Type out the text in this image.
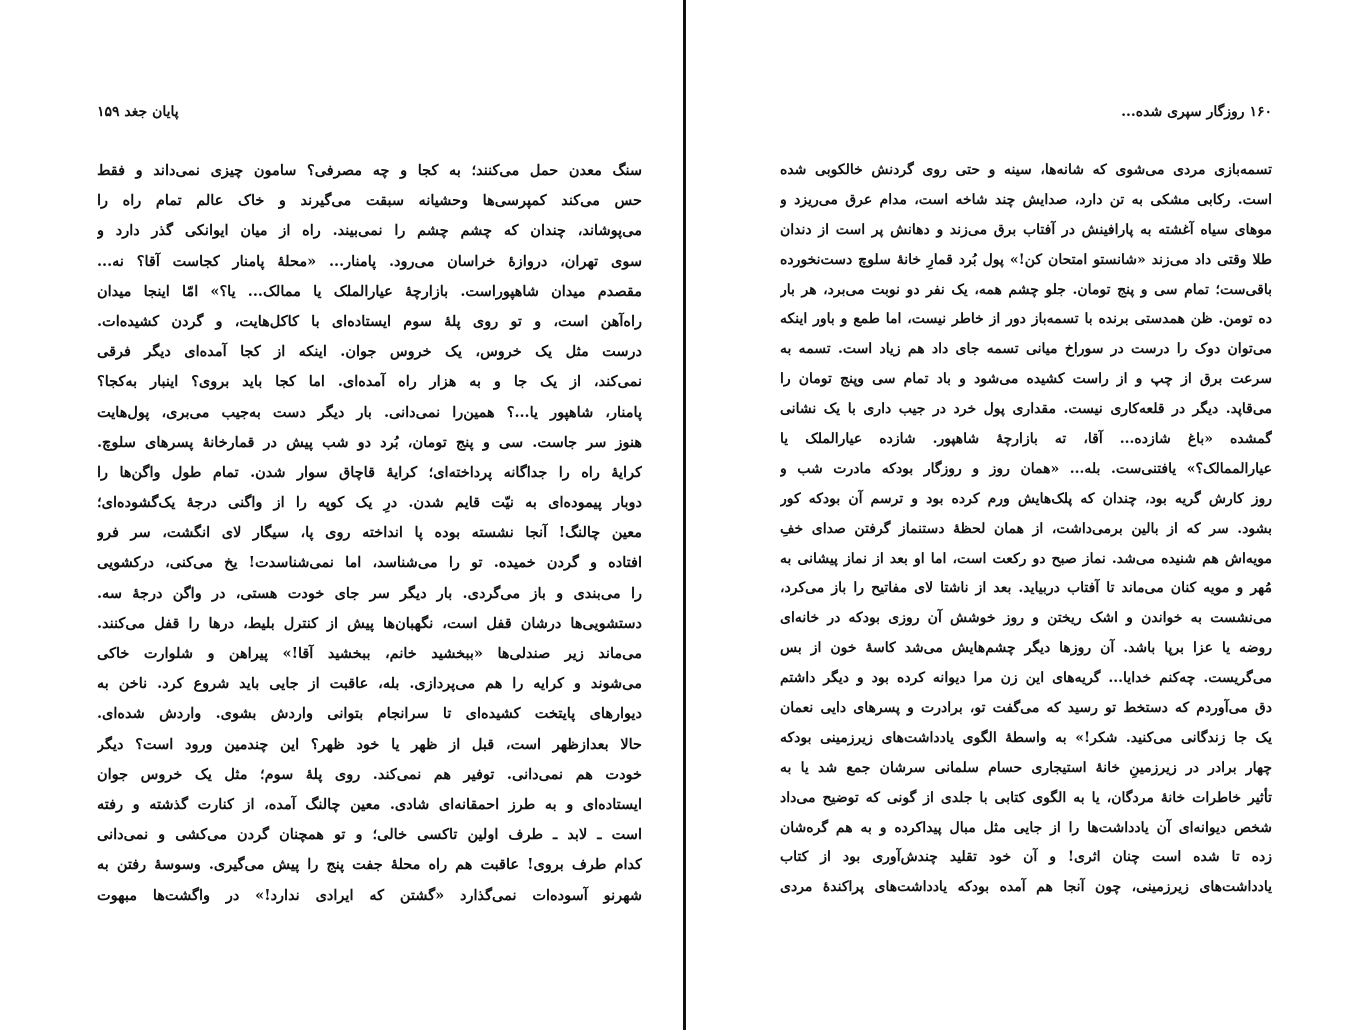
پایان جغد ۱۵۹
سنگ معدن حمل می‌کنند؛ به کجا و چه مصرفی؟ سامون چیزی نمی‌داند و فقط
حس می‌کند کمپرسی‌ها وحشیانه سبقت می‌گیرند و خاک عالم تمام راه را
می‌پوشاند، چندان که چشم چشم را نمی‌بیند. راه از میان ایوانکی گذر دارد و
سوی تهران، دروازهٔ خراسان می‌رود. پامنار... «محلهٔ پامنار کجاست آقا؟ نه...
مقصدم میدان شاهپوراست. بازارچهٔ عیارالملک یا ممالک... یا؟» امّا اینجا میدان
راه‌آهن است، و تو روی پلهٔ سوم ایستاده‌ای با کاکل‌هایت، و گردن کشیده‌ات.
درست مثل یک خروس، یک خروس جوان. اینکه از کجا آمده‌ای دیگر فرقی
نمی‌کند، از یک جا و به هزار راه آمده‌ای. اما کجا باید بروی؟ اینبار به‌کجا؟
پامنار، شاهپور یا...؟ همین‌را نمی‌دانی. بار دیگر دست به‌جیب می‌بری، پول‌هایت
هنوز سر جاست. سی و پنج تومان، بُرد دو شب پیش در قمارخانهٔ پسرهای سلوچ.
کرایهٔ راه را جداگانه پرداخته‌ای؛ کرایهٔ قاچاق سوار شدن. تمام طول واگن‌ها را
دوبار پیموده‌ای به نیّت قایم شدن. درِ یک کوپه را از واگنی درجهٔ یک‌گشوده‌ای؛
معین چالنگ! آنجا نشسته بوده پا انداخته روی پا، سیگار لای انگشت، سر فرو
افتاده و گردن خمیده. تو را می‌شناسد، اما نمی‌شناسدت! یخ می‌کنی، درکشویی
را می‌بندی و باز می‌گردی. بار دیگر سر جای خودت هستی، در واگن درجهٔ سه.
دستشویی‌ها درشان قفل است، نگهبان‌ها پیش از کنترل بلیط، درها را قفل می‌کنند.
می‌ماند زیر صندلی‌ها «ببخشید خانم، ببخشید آقا!» پیراهن و شلوارت خاکی
می‌شوند و کرایه را هم می‌پردازی. بله، عاقبت از جایی باید شروع کرد. ناخن به
دیوارهای پایتخت کشیده‌ای تا سرانجام بتوانی واردش بشوی. واردش شده‌ای.
حالا بعدازظهر است، قبل از ظهر یا خود ظهر؟ این چندمین ورود است؟ دیگر
خودت هم نمی‌دانی. توفیر هم نمی‌کند. روی پلهٔ سوم؛ مثل یک خروس جوان
ایستاده‌ای و به طرز احمقانه‌ای شادی. معین چالنگ آمده، از کنارت گذشته و رفته
است ـ لابد ـ طرف اولین تاکسی خالی؛ و تو همچنان گردن می‌کشی و نمی‌دانی
کدام طرف بروی! عاقبت هم راه محلهٔ جفت پنج را پیش می‌گیری. وسوسهٔ رفتن به
شهرنو آسوده‌ات نمی‌گذارد «گشتن که ایرادی ندارد!» در واگشت‌ها مبهوت
۱۶۰ روزگار سپری شده...
تسمه‌بازی مردی می‌شوی که شانه‌ها، سینه و حتی روی گردنش خالکوبی شده
است. رکابی مشکی به تن دارد، صدایش چند شاخه است، مدام عرق می‌ریزد و
موهای سیاه آغشته به پارافینش در آفتاب برق می‌زند و دهانش پر است از دندان
طلا وقتی داد می‌زند «شانستو امتحان کن!» پول بُرد قمارِ خانهٔ سلوچ دست‌نخورده
باقی‌ست؛ تمام سی و پنج تومان. جلو چشم همه، یک نفر دو نوبت می‌برد، هر بار
ده تومن. ظن همدستی برنده با تسمه‌باز دور از خاطر نیست، اما طمع و باور اینکه
می‌توان دوک را درست در سوراخ میانی تسمه جای داد هم زیاد است. تسمه به
سرعت برق از چپ و از راست کشیده می‌شود و باد تمام سی وپنج تومان را
می‌قاپد. دیگر در قلعه‌کاری نیست. مقداری پول خرد در جیب داری با یک نشانی
گمشده «باغ شازده... آقا، ته بازارچهٔ شاهپور. شازده عیارالملک یا
عیارالممالک؟» یافتنی‌ست. بله... «همان روز و روزگار بودکه مادرت شب و
روز کارش گریه بود، چندان که پلک‌هایش ورم کرده بود و ترسم آن بودکه کور
بشود. سر که از بالین برمی‌داشت، از همان لحظهٔ دستنماز گرفتن صدای خفِ
مویه‌اش هم شنیده می‌شد. نماز صبح دو رکعت است، اما او بعد از نماز پیشانی به
مُهر و مویه کنان می‌ماند تا آفتاب دربیاید. بعد از ناشتا لای مفاتیح را باز می‌کرد،
می‌نشست به خواندن و اشک ریختن و روز خوشش آن روزی بودکه در خانه‌ای
روضه یا عزا برپا باشد. آن روزها دیگر چشم‌هایش می‌شد کاسهٔ خون از بس
می‌گریست. چه‌کنم خدایا... گریه‌های این زن مرا دیوانه کرده بود و دیگر داشتم
دق می‌آوردم که دستخط تو رسید که می‌گفت تو، برادرت و پسرهای دایی نعمان
یک جا زندگانی می‌کنید. شکر!» به واسطهٔ الگوی یادداشت‌های زیرزمینی بودکه
چهار برادر در زیرزمینِ خانهٔ استیجاری حسام سلمانی سرشان جمع شد یا به
تأثیر خاطرات خانهٔ مردگان، یا به الگوی کتابی با جلدی از گونی که توضیح می‌داد
شخص دیوانه‌ای آن یادداشت‌ها را از جایی مثل مبال پیداکرده و به هم گره‌شان
زده تا شده است چنان اثری! و آن خود تقلید چندش‌آوری بود از کتاب
یادداشت‌های زیرزمینی، چون آنجا هم آمده بودکه یادداشت‌های پراکندهٔ مردی
